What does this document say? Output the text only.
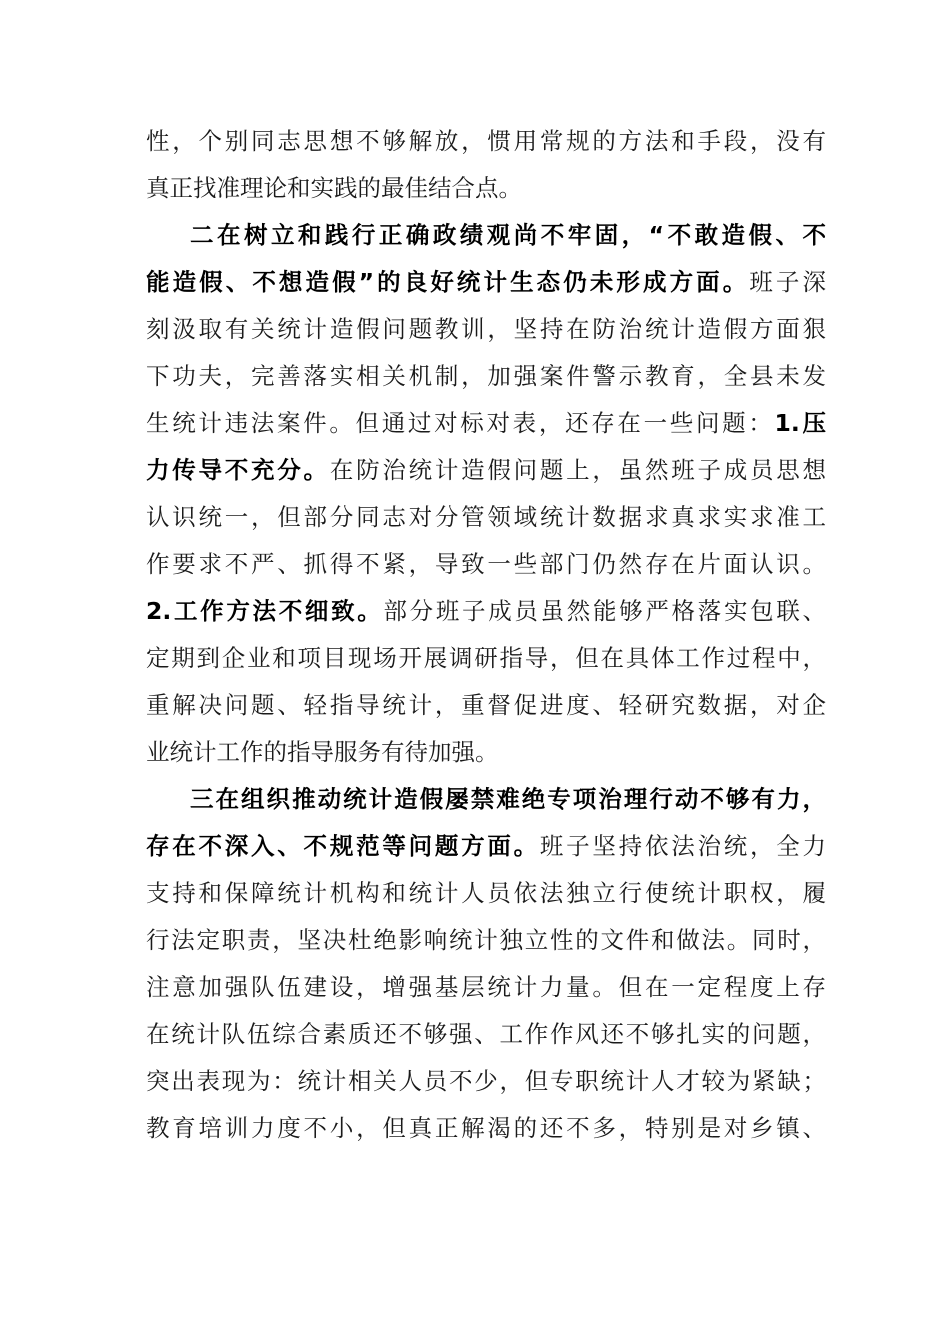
性，个别同志思想不够解放，惯用常规的方法和手段，没有
真正找准理论和实践的最佳结合点。
二在树立和践行正确政绩观尚不牢固，“不敢造假、不
能造假、不想造假”的良好统计生态仍未形成方面。班子深
刻汲取有关统计造假问题教训，坚持在防治统计造假方面狠
下功夫，完善落实相关机制，加强案件警示教育，全县未发
生统计违法案件。但通过对标对表，还存在一些问题：1.压
力传导不充分。在防治统计造假问题上，虽然班子成员思想
认识统一，但部分同志对分管领域统计数据求真求实求准工
作要求不严、抓得不紧，导致一些部门仍然存在片面认识。
2.工作方法不细致。部分班子成员虽然能够严格落实包联、
定期到企业和项目现场开展调研指导，但在具体工作过程中，
重解决问题、轻指导统计，重督促进度、轻研究数据，对企
业统计工作的指导服务有待加强。
三在组织推动统计造假屡禁难绝专项治理行动不够有力，
存在不深入、不规范等问题方面。班子坚持依法治统，全力
支持和保障统计机构和统计人员依法独立行使统计职权，履
行法定职责，坚决杜绝影响统计独立性的文件和做法。同时，
注意加强队伍建设，增强基层统计力量。但在一定程度上存
在统计队伍综合素质还不够强、工作作风还不够扎实的问题，
突出表现为：统计相关人员不少，但专职统计人才较为紧缺；
教育培训力度不小，但真正解渴的还不多，特别是对乡镇、
